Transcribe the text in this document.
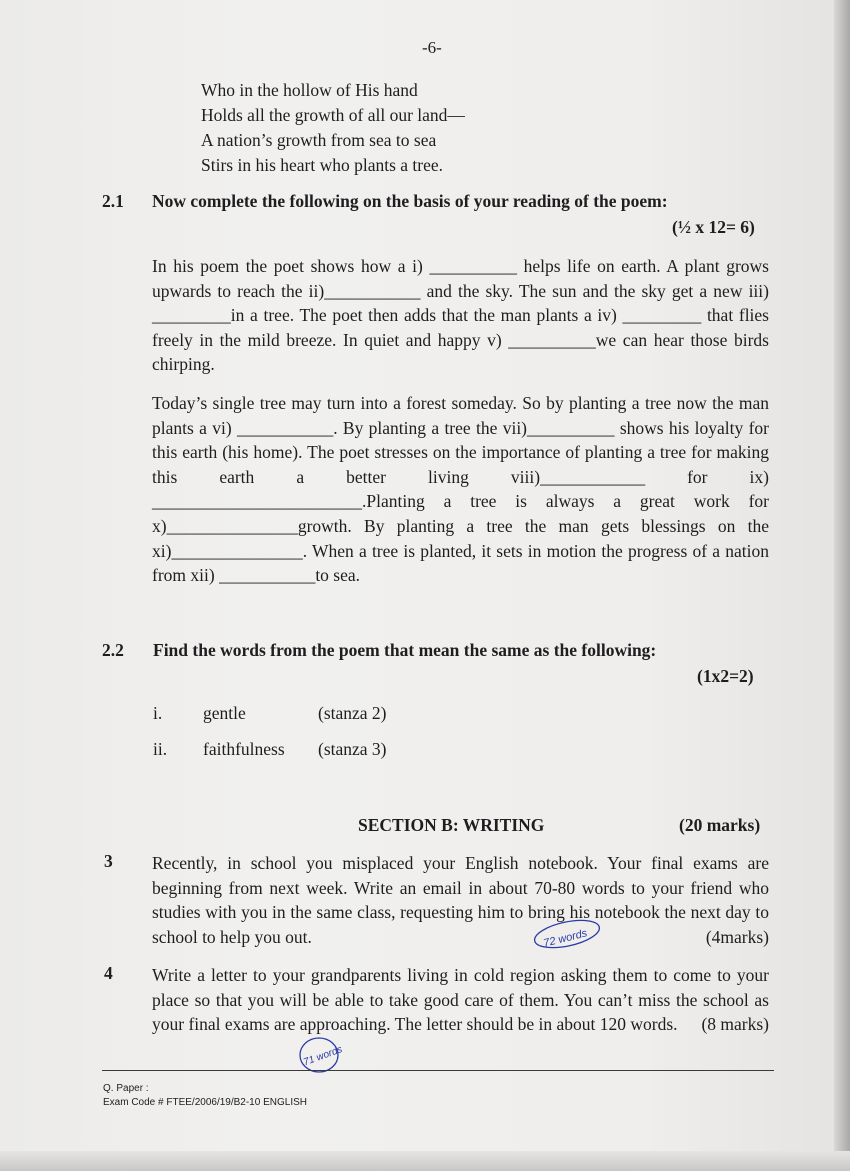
-6-
Who in the hollow of His hand
Holds all the growth of all our land—
A nation’s growth from sea to sea
Stirs in his heart who plants a tree.
2.1 Now complete the following on the basis of your reading of the poem:
(½ x 12= 6)
In his poem the poet shows how a i) __________ helps life on earth. A plant grows upwards to reach the ii)___________ and the sky. The sun and the sky get a new iii) _________in a tree. The poet then adds that the man plants a iv) _________ that flies freely in the mild breeze. In quiet and happy v) __________we can hear those birds chirping.
Today’s single tree may turn into a forest someday. So by planting a tree now the man plants a vi) ___________. By planting a tree the vii)__________ shows his loyalty for this earth (his home). The poet stresses on the importance of planting a tree for making this earth a better living viii)____________ for ix) ________________________.Planting a tree is always a great work for x)_______________growth. By planting a tree the man gets blessings on the xi)_______________. When a tree is planted, it sets in motion the progress of a nation from xii) ___________to sea.
2.2 Find the words from the poem that mean the same as the following:
(1x2=2)
i. gentle	(stanza 2)
ii. faithfulness (stanza 3)
SECTION B: WRITING	(20 marks)
3 Recently, in school you misplaced your English notebook. Your final exams are beginning from next week. Write an email in about 70-80 words to your friend who studies with you in the same class, requesting him to bring his notebook the next day to school to help you out.	(4marks)
4 Write a letter to your grandparents living in cold region asking them to come to your place so that you will be able to take good care of them. You can’t miss the school as your final exams are approaching. The letter should be in about 120 words. (8 marks)
72 words
71 words
Q. Paper :
Exam Code # FTEE/2006/19/B2-10 ENGLISH
